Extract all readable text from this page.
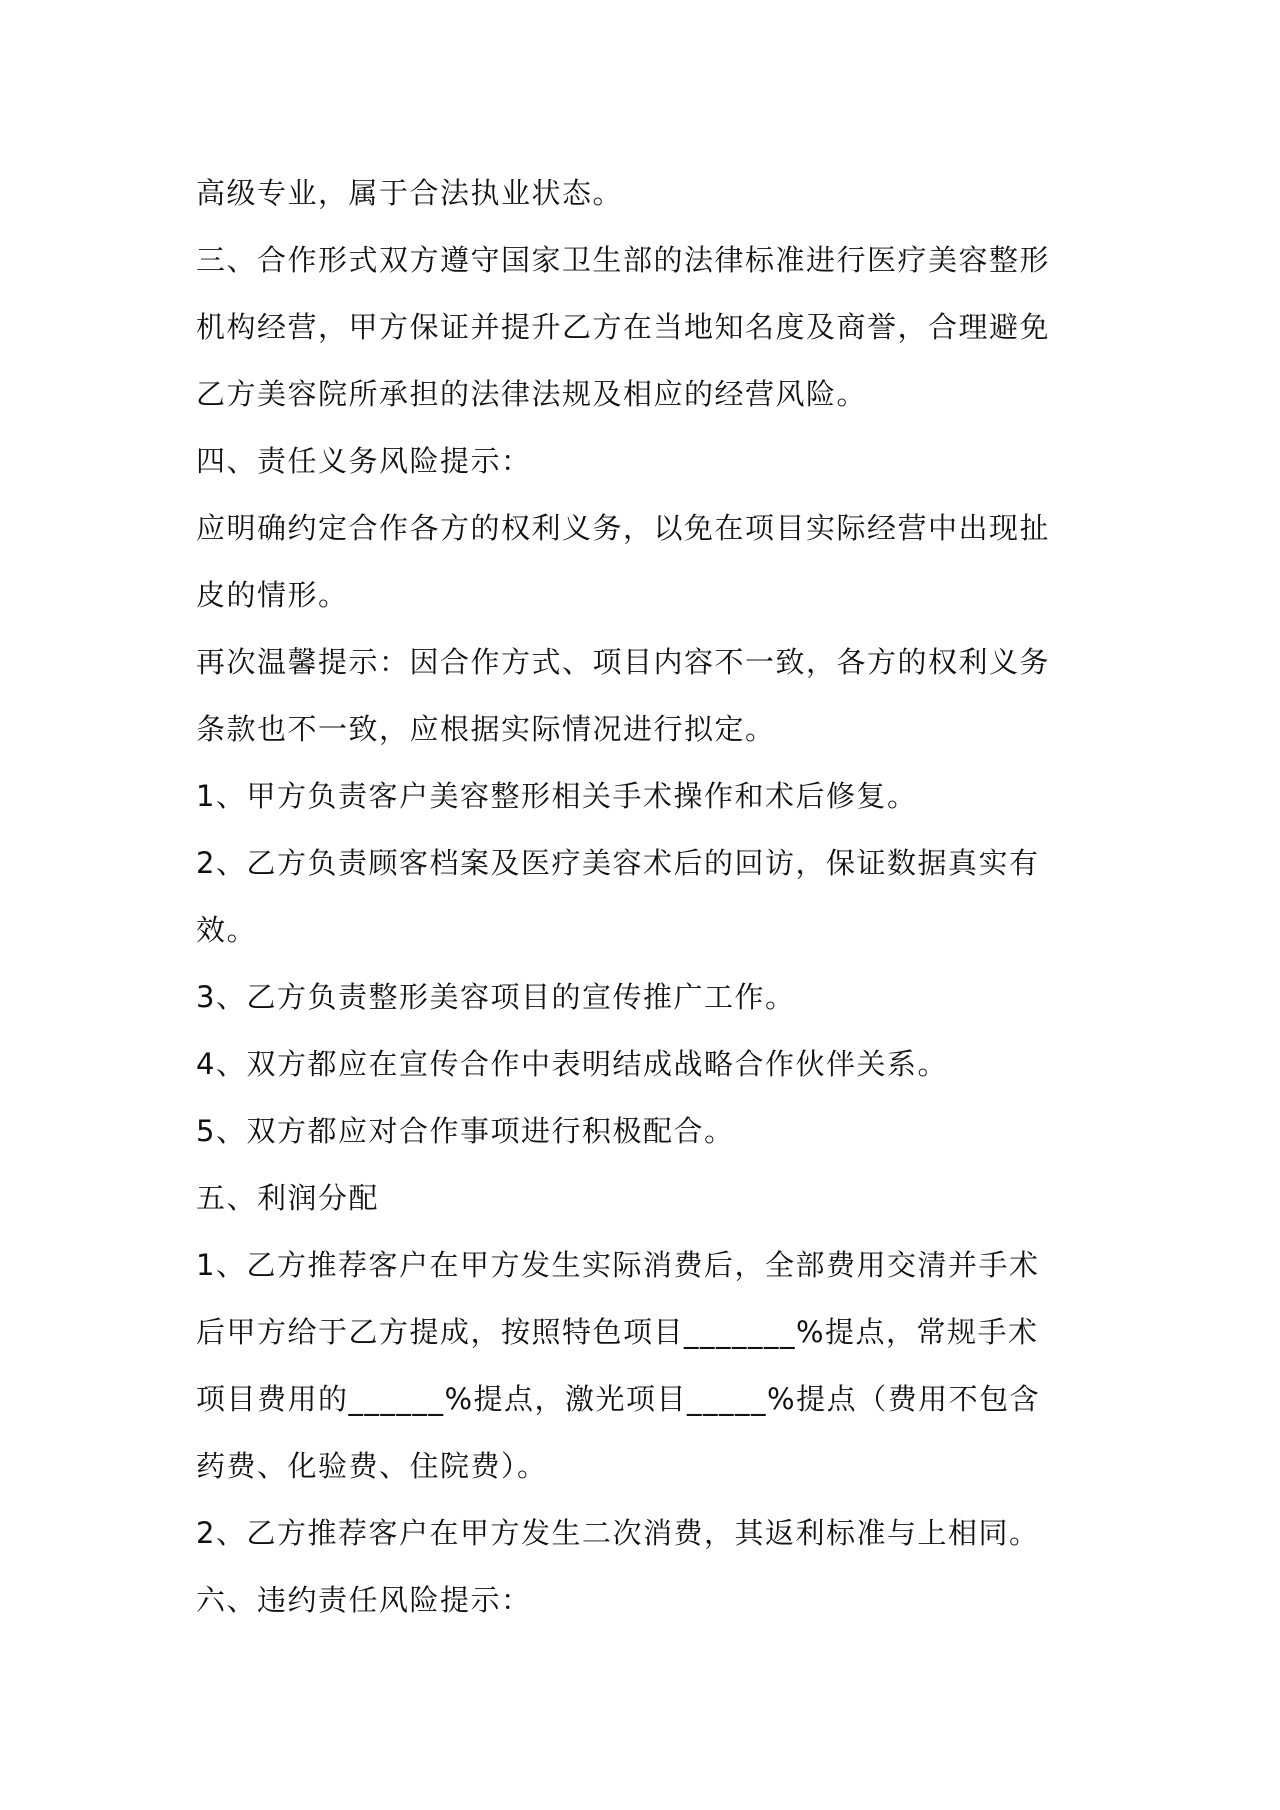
高级专业，属于合法执业状态。
三、合作形式双方遵守国家卫生部的法律标准进行医疗美容整形
机构经营，甲方保证并提升乙方在当地知名度及商誉，合理避免
乙方美容院所承担的法律法规及相应的经营风险。
四、责任义务风险提示：
应明确约定合作各方的权利义务，以免在项目实际经营中出现扯
皮的情形。
再次温馨提示：因合作方式、项目内容不一致，各方的权利义务
条款也不一致，应根据实际情况进行拟定。
1、甲方负责客户美容整形相关手术操作和术后修复。
2、乙方负责顾客档案及医疗美容术后的回访，保证数据真实有
效。
3、乙方负责整形美容项目的宣传推广工作。
4、双方都应在宣传合作中表明结成战略合作伙伴关系。
5、双方都应对合作事项进行积极配合。
五、利润分配
1、乙方推荐客户在甲方发生实际消费后，全部费用交清并手术
后甲方给于乙方提成，按照特色项目_______%提点，常规手术
项目费用的______%提点，激光项目_____%提点（费用不包含
药费、化验费、住院费）。
2、乙方推荐客户在甲方发生二次消费，其返利标准与上相同。
六、违约责任风险提示：
